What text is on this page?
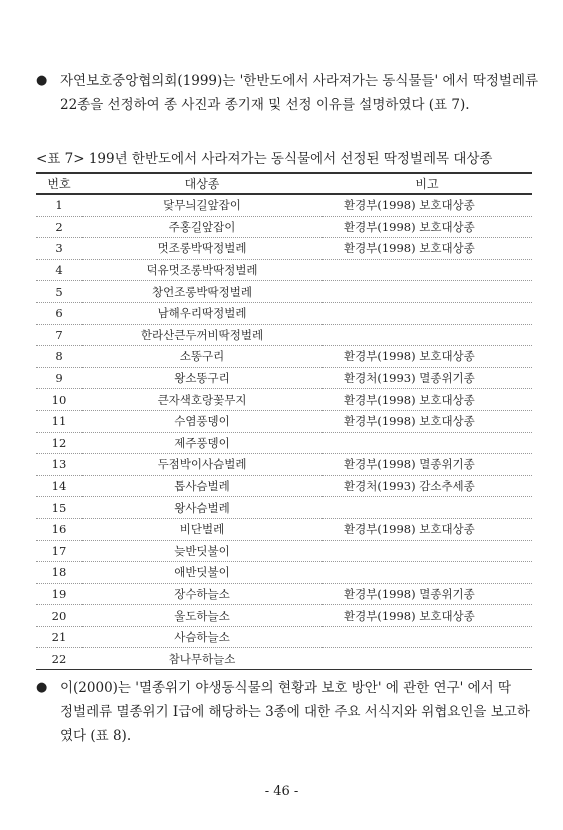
● 자연보호중앙협의회(1999)는 '한반도에서 사라져가는 동식물들' 에서 딱정벌레류
22종을 선정하여 종 사진과 종기재 및 선정 이유를 설명하였다 (표 7).
<표 7> 199년 한반도에서 사라져가는 동식물에서 선정된 딱정벌레목 대상종
번호	대상종	비고
1	닻무늬길앞잡이	환경부(1998) 보호대상종
2	주홍길앞잡이	환경부(1998) 보호대상종
3	멋조롱박딱정벌레	환경부(1998) 보호대상종
4	덕유멋조롱박딱정벌레	
5	창언조롱박딱정벌레	
6	남해우리딱정벌레	
7	한라산큰두꺼비딱정벌레	
8	소똥구리	환경부(1998) 보호대상종
9	왕소똥구리	환경처(1993) 멸종위기종
10	큰자색호랑꽃무지	환경부(1998) 보호대상종
11	수염풍뎅이	환경부(1998) 보호대상종
12	제주풍뎅이	
13	두점박이사슴벌레	환경부(1998) 멸종위기종
14	톱사슴벌레	환경처(1993) 감소추세종
15	왕사슴벌레	
16	비단벌레	환경부(1998) 보호대상종
17	늦반딧불이	
18	애반딧불이	
19	장수하늘소	환경부(1998) 멸종위기종
20	울도하늘소	환경부(1998) 보호대상종
21	사슴하늘소	
22	참나무하늘소	
● 이(2000)는 '멸종위기 야생동식물의 현황과 보호 방안' 에 관한 연구' 에서 딱
정벌레류 멸종위기 I급에 해당하는 3종에 대한 주요 서식지와 위협요인을 보고하
였다 (표 8).
- 46 -
